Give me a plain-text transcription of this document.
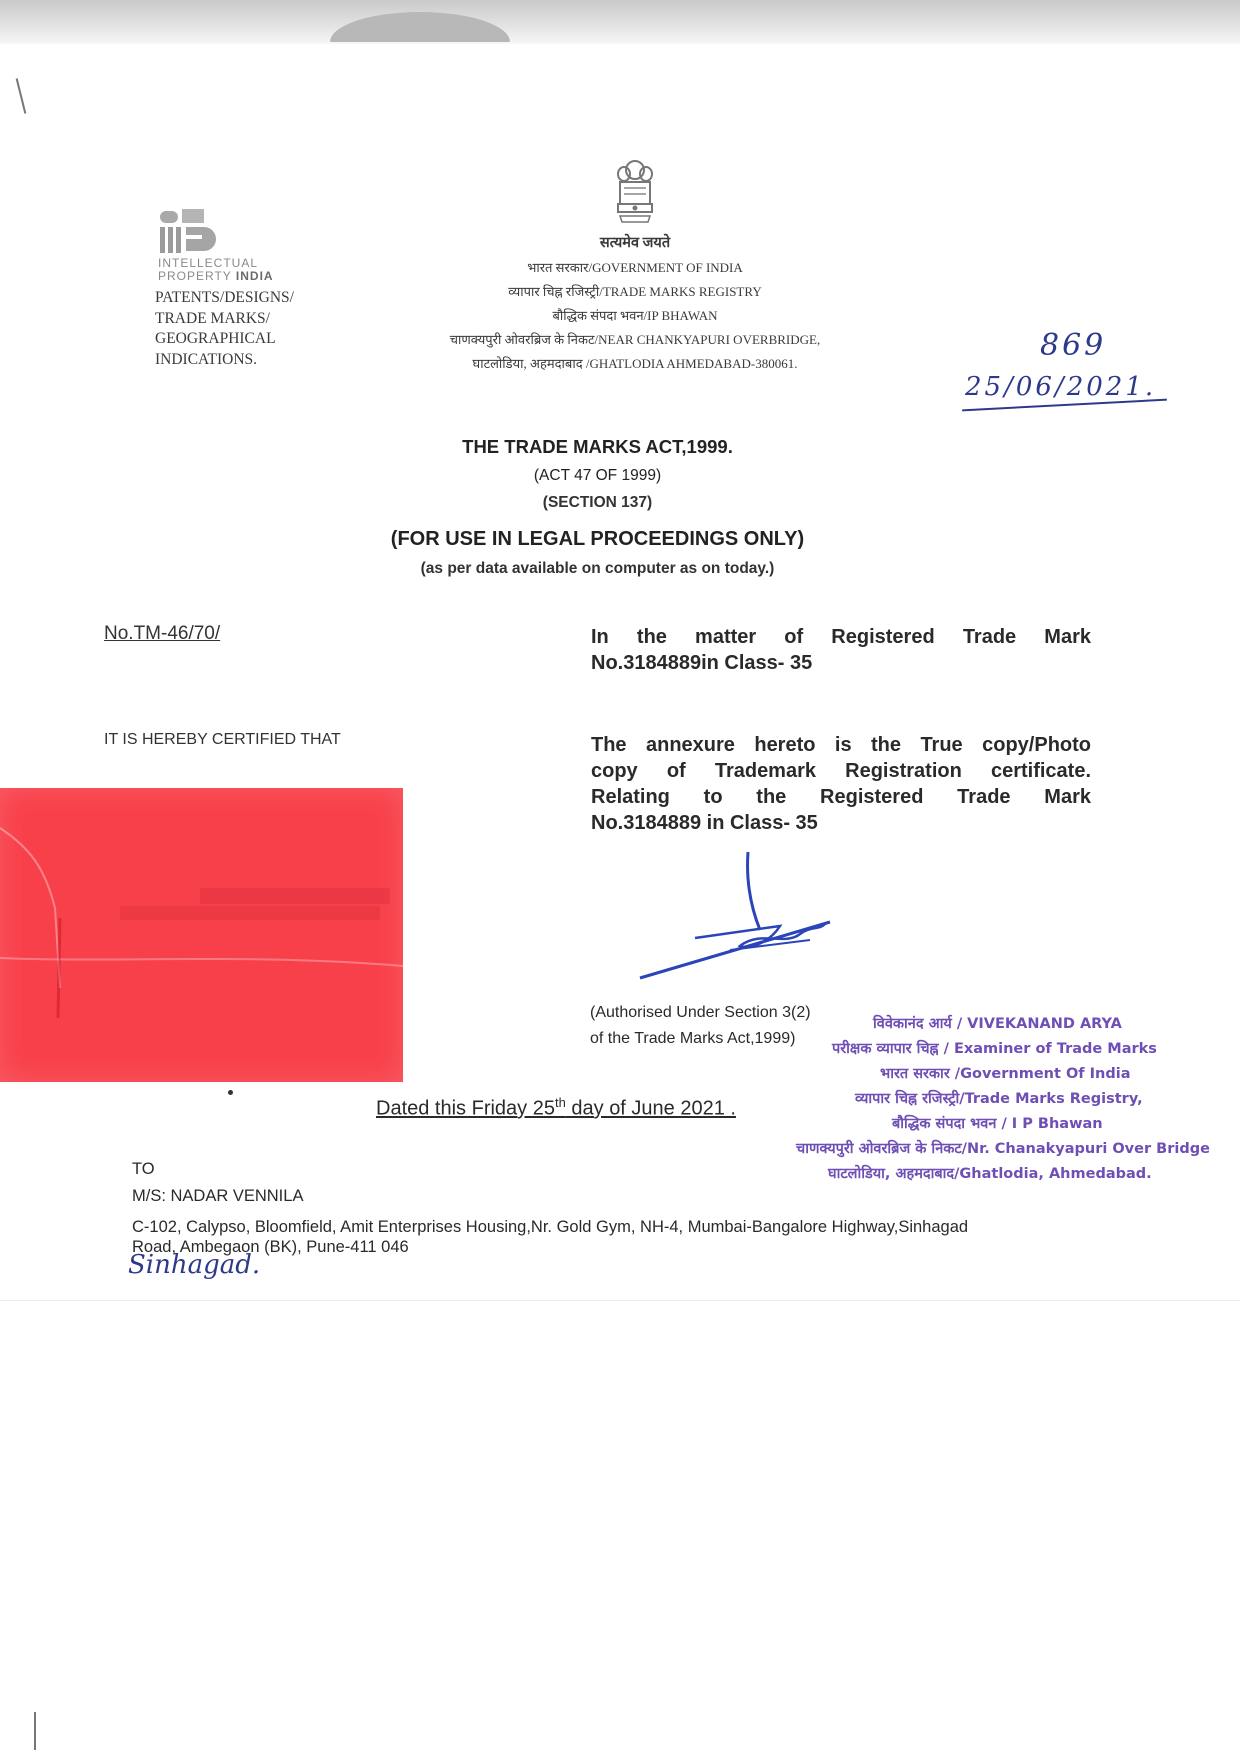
INTELLECTUAL
PROPERTY INDIA
PATENTS/DESIGNS/
TRADE MARKS/
GEOGRAPHICAL
INDICATIONS.
सत्यमेव जयते
भारत सरकार/GOVERNMENT OF INDIA
व्यापार चिह्न रजिस्ट्री/TRADE MARKS REGISTRY
बौद्धिक संपदा भवन/IP BHAWAN
चाणक्यपुरी ओवरब्रिज के निकट/NEAR CHANKYAPURI OVERBRIDGE,
घाटलोडिया, अहमदाबाद /GHATLODIA AHMEDABAD-380061.
869
25/06/2021.
THE TRADE MARKS ACT,1999.
(ACT 47 OF 1999)
(SECTION 137)
(FOR USE IN LEGAL PROCEEDINGS ONLY)
(as per data available on computer as on today.)
No.TM-46/70/	In the matter of Registered Trade Mark
No.3184889in Class- 35
IT IS HEREBY CERTIFIED THAT	The annexure hereto is the True copy/Photo
copy of Trademark Registration certificate.
Relating to the Registered Trade Mark
No.3184889 in Class- 35
(Authorised Under Section 3(2)
of the Trade Marks Act,1999)
विवेकानंद आर्य / VIVEKANAND ARYA
परीक्षक व्यापार चिह्न / Examiner of Trade Marks
भारत सरकार /Government Of India
व्यापार चिह्न रजिस्ट्री/Trade Marks Registry,
बौद्धिक संपदा भवन / I P Bhawan
चाणक्यपुरी ओवरब्रिज के निकट/Nr. Chanakyapuri Over Bridge
घाटलोडिया, अहमदाबाद/Ghatlodia, Ahmedabad.
Dated this Friday 25th day of June 2021 .
TO
M/S: NADAR VENNILA
C-102, Calypso, Bloomfield, Amit Enterprises Housing,Nr. Gold Gym, NH-4, Mumbai-Bangalore Highway,Sinhagad
Road, Ambegaon (BK), Pune-411 046
Sinhagad.
